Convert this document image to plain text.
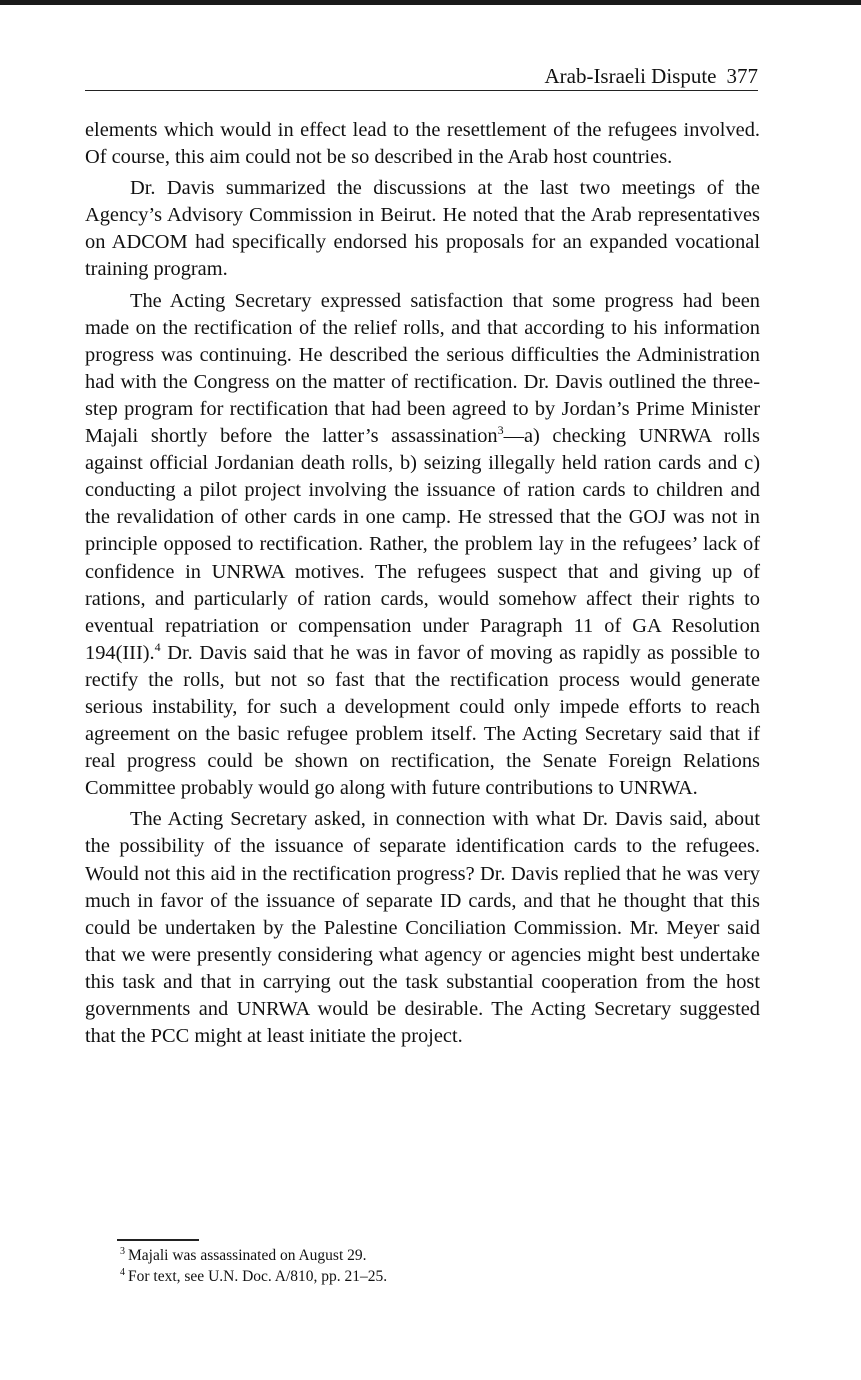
Arab-Israeli Dispute 377

elements which would in effect lead to the resettlement of the refugees involved. Of course, this aim could not be so described in the Arab host countries.

Dr. Davis summarized the discussions at the last two meetings of the Agency’s Advisory Commission in Beirut. He noted that the Arab representatives on ADCOM had specifically endorsed his proposals for an expanded vocational training program.

The Acting Secretary expressed satisfaction that some progress had been made on the rectification of the relief rolls, and that according to his information progress was continuing. He described the serious difficulties the Administration had with the Congress on the matter of rectification. Dr. Davis outlined the three-step program for rectification that had been agreed to by Jordan’s Prime Minister Majali shortly before the latter’s assassination$^3$—a) checking UNRWA rolls against official Jordanian death rolls, b) seizing illegally held ration cards and c) conducting a pilot project involving the issuance of ration cards to children and the revalidation of other cards in one camp. He stressed that the GOJ was not in principle opposed to rectification. Rather, the problem lay in the refugees’ lack of confidence in UNRWA motives. The refugees suspect that and giving up of rations, and particularly of ration cards, would somehow affect their rights to eventual repatriation or compensation under Paragraph 11 of GA Resolution 194(III).$^4$ Dr. Davis said that he was in favor of moving as rapidly as possible to rectify the rolls, but not so fast that the rectification process would generate serious instability, for such a development could only impede efforts to reach agreement on the basic refugee problem itself. The Acting Secretary said that if real progress could be shown on rectification, the Senate Foreign Relations Committee probably would go along with future contributions to UNRWA.

The Acting Secretary asked, in connection with what Dr. Davis said, about the possibility of the issuance of separate identification cards to the refugees. Would not this aid in the rectification progress? Dr. Davis replied that he was very much in favor of the issuance of separate ID cards, and that he thought that this could be undertaken by the Palestine Conciliation Commission. Mr. Meyer said that we were presently considering what agency or agencies might best undertake this task and that in carrying out the task substantial cooperation from the host governments and UNRWA would be desirable. The Acting Secretary suggested that the PCC might at least initiate the project.

$^3$ Majali was assassinated on August 29.

$^4$ For text, see U.N. Doc. A/810, pp. 21–25.
